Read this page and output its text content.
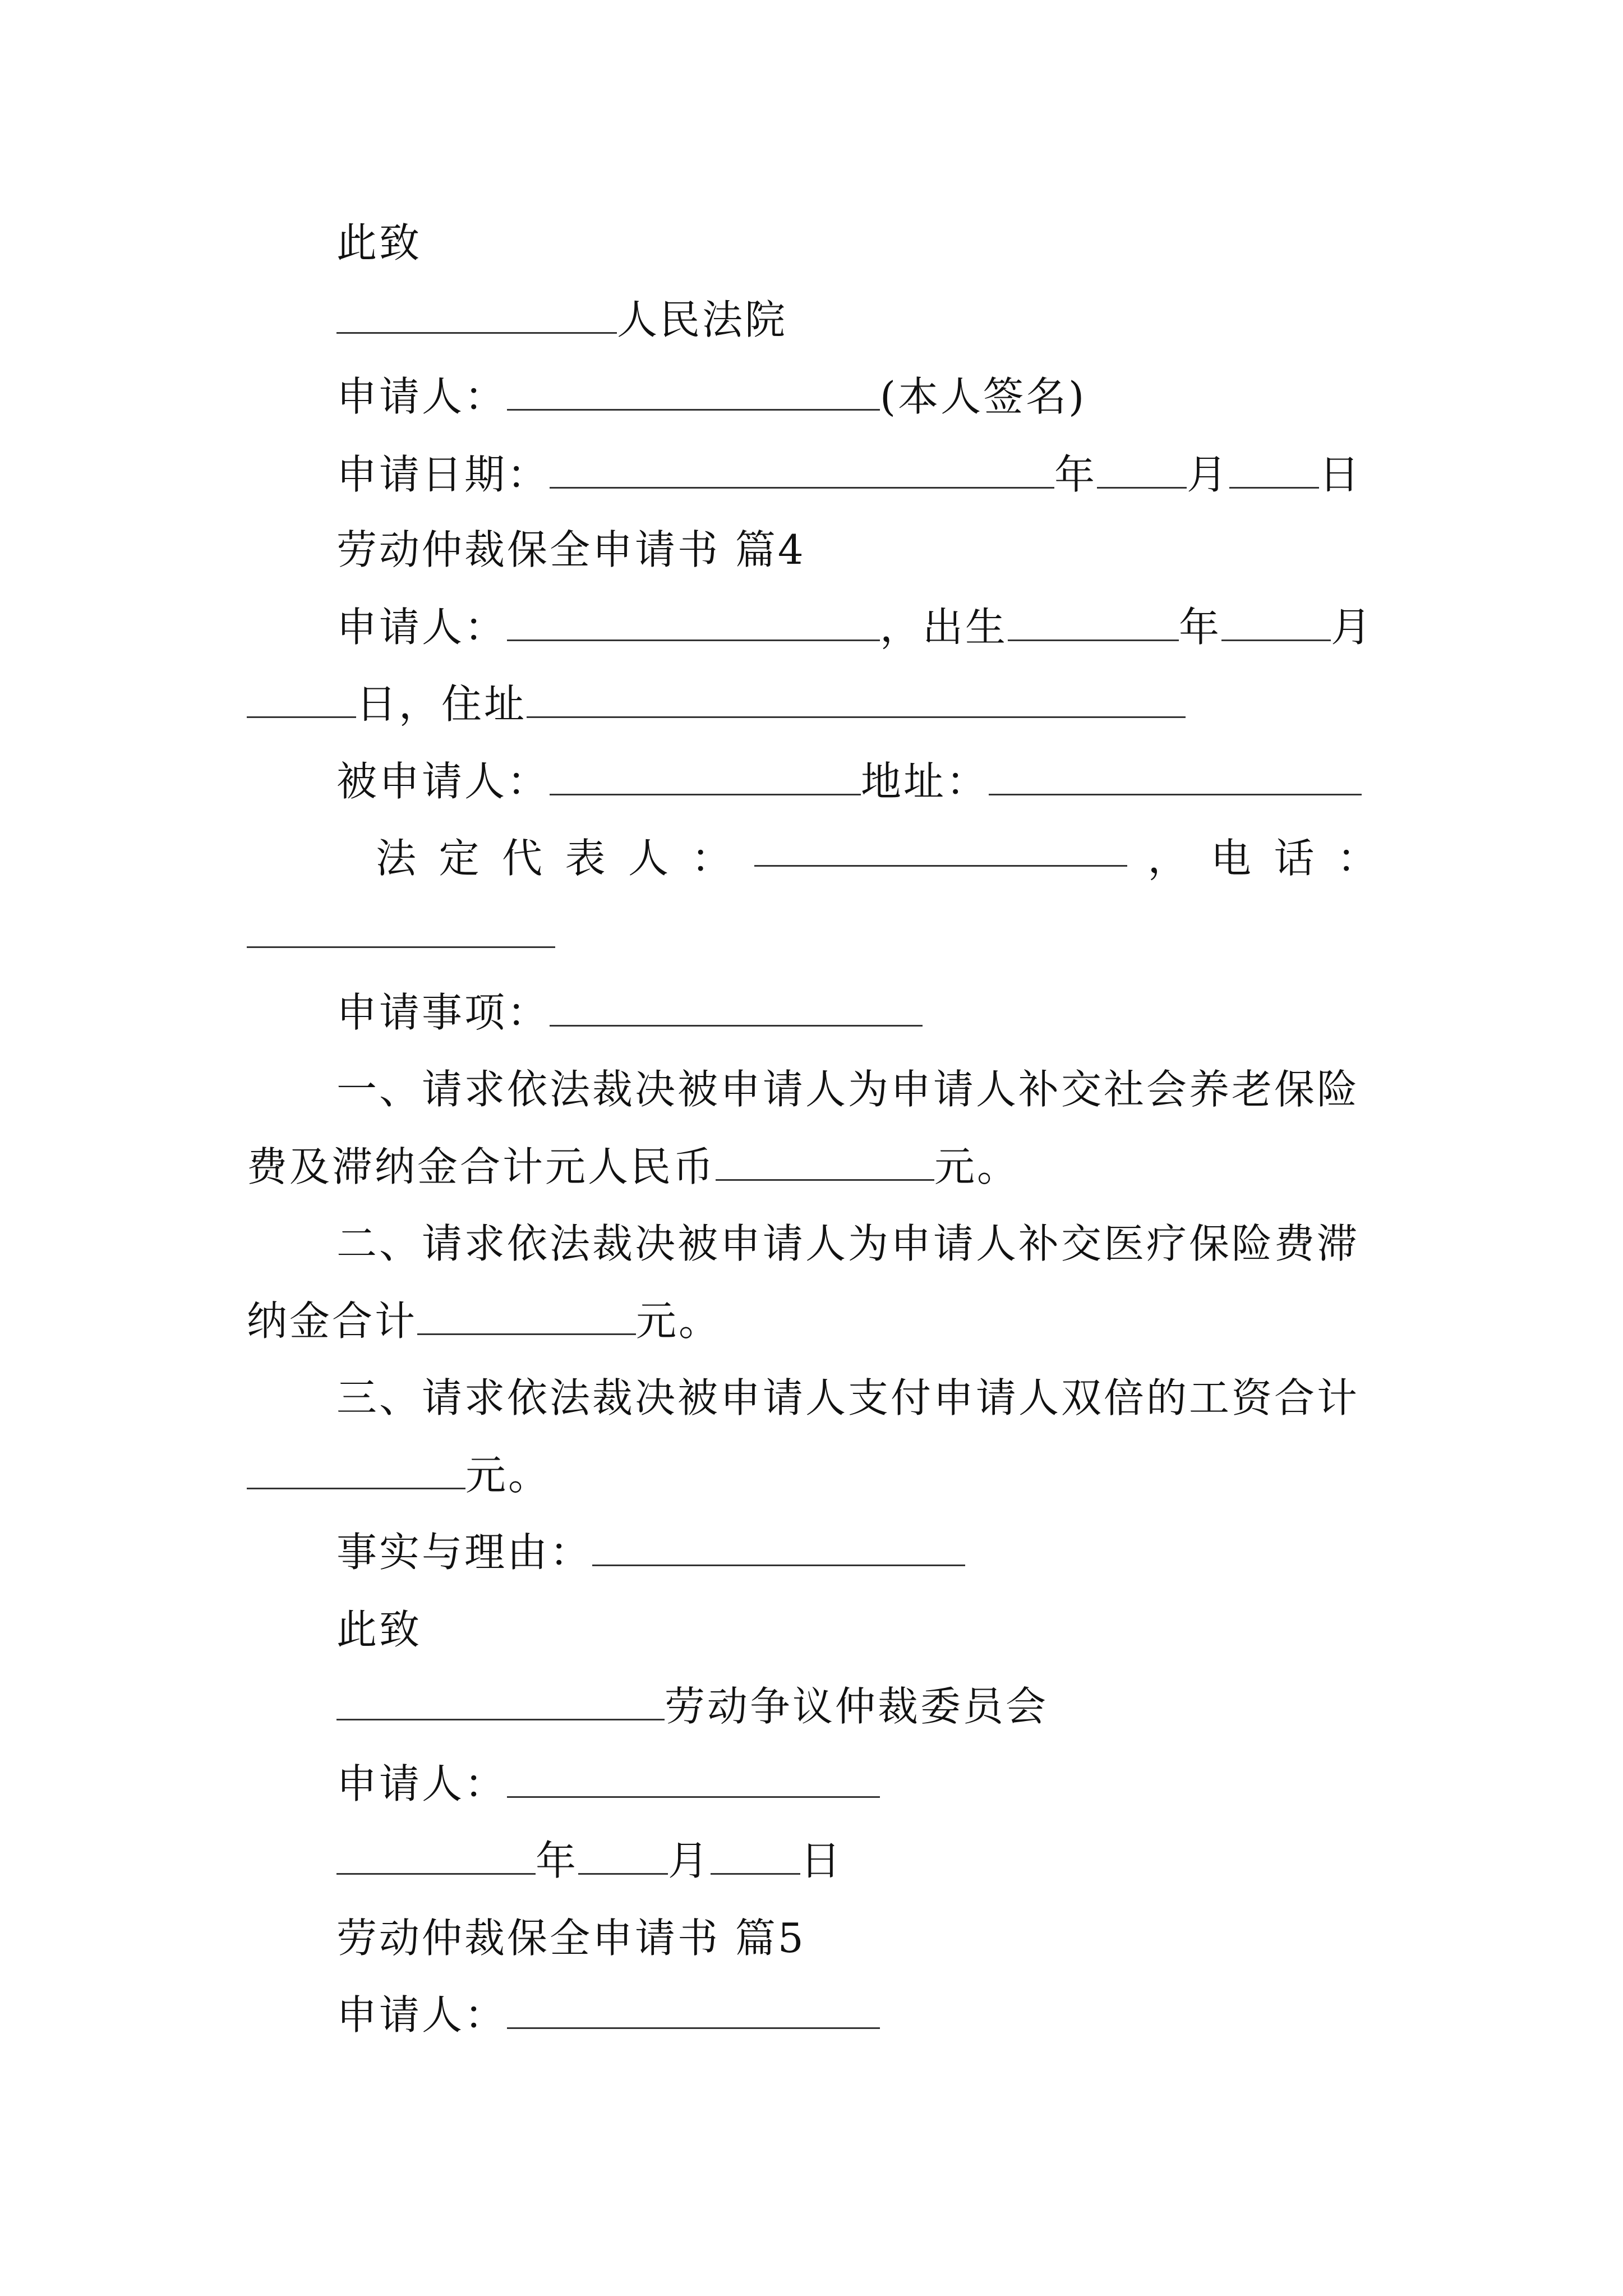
此致
人民法院
申请人：	(本人签名)
申请日期：	年 月 日
劳动仲裁保全申请书 篇4
申请人：	，出生	年	月
日，住址
被申请人：	地址：
法 定 代 表 人 ：	， 电 话 ：
申请事项：
一、请求依法裁决被申请人为申请人补交社会养老保险
费及滞纳金合计元人民币	元。
二、请求依法裁决被申请人为申请人补交医疗保险费滞
纳金合计	元。
三、请求依法裁决被申请人支付申请人双倍的工资合计
元。
事实与理由：
此致
劳动争议仲裁委员会
申请人：
年 月 日
劳动仲裁保全申请书 篇5
申请人：
